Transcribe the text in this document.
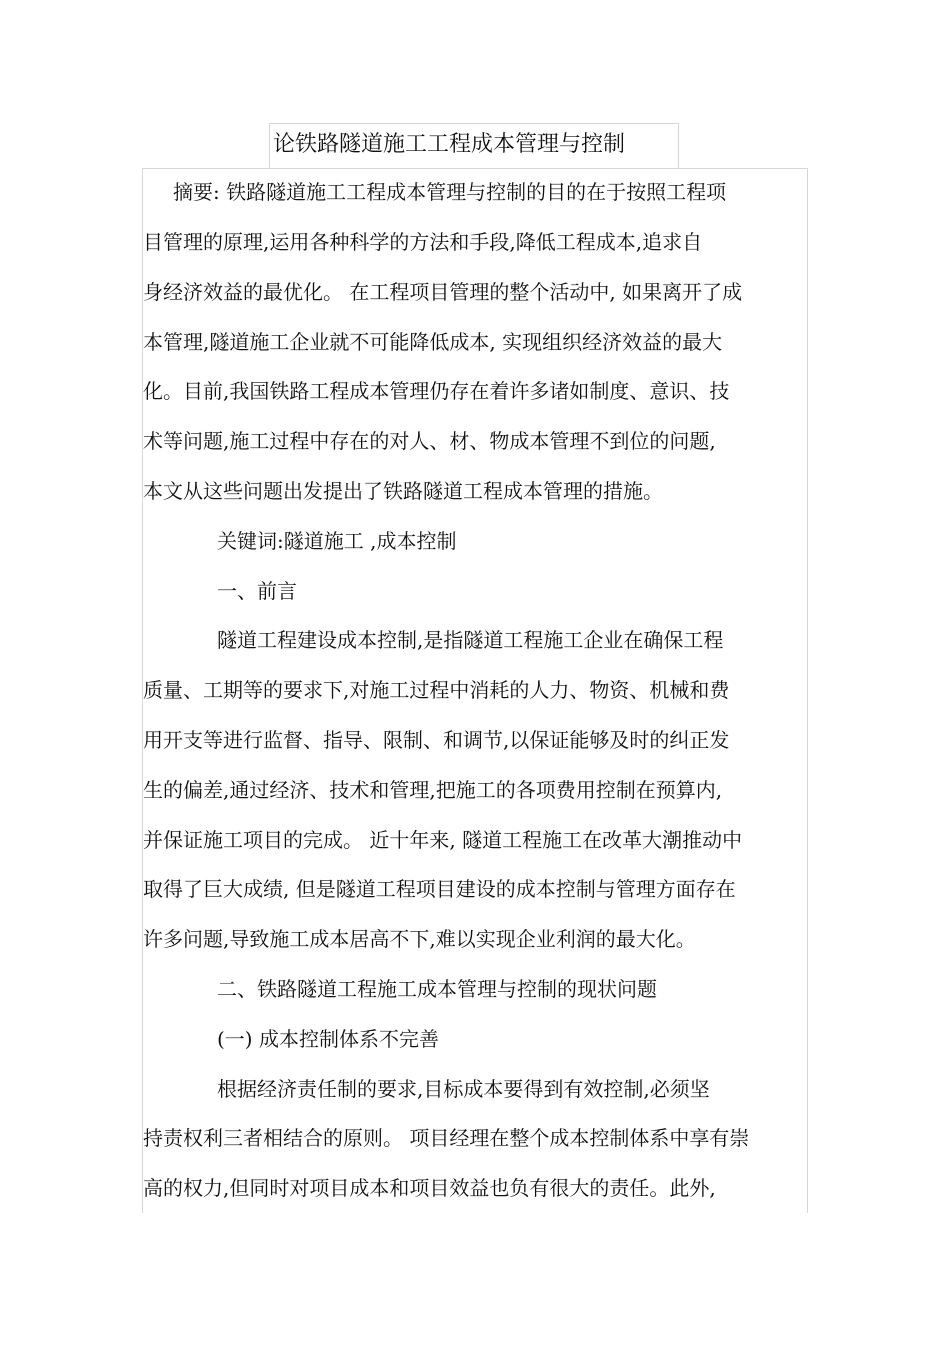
论铁路隧道施工工程成本管理与控制
摘要: 铁路隧道施工工程成本管理与控制的目的在于按照工程项
目管理的原理,运用各种科学的方法和手段,降低工程成本,追求自
身经济效益的最优化。 在工程项目管理的整个活动中, 如果离开了成
本管理,隧道施工企业就不可能降低成本, 实现组织经济效益的最大
化。目前,我国铁路工程成本管理仍存在着许多诸如制度、意识、技
术等问题,施工过程中存在的对人、材、物成本管理不到位的问题,
本文从这些问题出发提出了铁路隧道工程成本管理的措施。
关键词:隧道施工 ,成本控制
一、前言
隧道工程建设成本控制,是指隧道工程施工企业在确保工程
质量、工期等的要求下,对施工过程中消耗的人力、物资、机械和费
用开支等进行监督、指导、限制、和调节,以保证能够及时的纠正发
生的偏差,通过经济、技术和管理,把施工的各项费用控制在预算内,
并保证施工项目的完成。 近十年来, 隧道工程施工在改革大潮推动中
取得了巨大成绩, 但是隧道工程项目建设的成本控制与管理方面存在
许多问题,导致施工成本居高不下,难以实现企业利润的最大化。
二、铁路隧道工程施工成本管理与控制的现状问题
(一) 成本控制体系不完善
根据经济责任制的要求,目标成本要得到有效控制,必须坚
持责权利三者相结合的原则。 项目经理在整个成本控制体系中享有崇
高的权力,但同时对项目成本和项目效益也负有很大的责任。此外,
